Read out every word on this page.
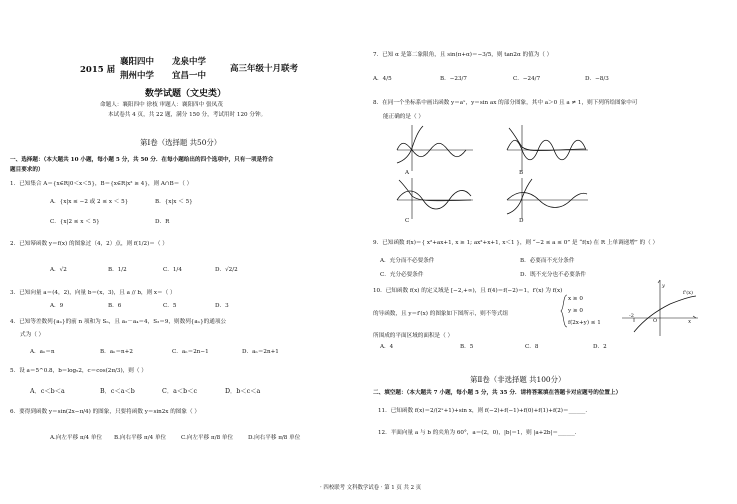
2015 届
襄阳四中 龙泉中学
荆州中学 宜昌一中
高三年级十月联考
数学试题（文史类）
命题人：襄阳四中 徐枝 审题人：襄阳四中 張凤茂
本试卷共 4 页，共 22 题，满分 150 分，考试用时 120 分钟。
第Ⅰ卷（选择题 共50分）
一、选择题：（本大题共 10 小题，每小题 5 分，共 50 分．在每小题给出的四个选项中，只有一项是符合
题目要求的）
1．已知集合 A＝{x∈R|0＜x＜5}，B＝{x∈R|x² ≥ 4}，则 A∩B＝（ ）
A．{x|x ≤ −2 或 2 ≤ x ＜ 5}	B．{x|x ＜ 5}
C．{x|2 ≤ x ＜ 5}	D．R
2．已知幂函数 y＝f(x) 的图象过（4，2）点，则 f(1/2)＝（ ）
A．√2	B．1/2	C．1/4	D．√2/2
3．已知向量 a＝(4，2)，向量 b＝(x，3)，且 a // b，则 x＝（ ）
A．9	B．6	C．5	D．3
4．已知等差数列{aₙ}的前 n 项和为 Sₙ，且 a₂－a₄＝4，S₃＝9，则数列{aₙ}的通项公
式为（ ）
A．aₙ＝n	B．aₙ＝n+2	C．aₙ＝2n−1	D．aₙ＝2n+1
5．设 a＝5^0.8，b＝log₅2，c＝cos(2π/3)，则（ ）
A．c＜b＜a	B．c＜a＜b	C．a＜b＜c	D．b＜c＜a
6．要得到函数 y＝sin(2x−π/4) 的图象，只要将函数 y＝sin2x 的图象（ ）
A.向左平移 π/4 单位 B.向右平移 π/4 单位	C.向左平移 π/8 单位	D.向右平移 π/8 单位
7．已知 α 是第二象限角，且 sin(π+α)＝−3/5，则 tan2α 的值为（ ）
A．4/5	B．−23/7	C．−24/7	D．−8/3
8．在同一个坐标系中画出函数 y＝aˣ，y＝sin ax 的部分图象，其中 a＞0 且 a ≠ 1，则下列所给图象中可
能正确的是（ ）
A	B
C	D
9．已知函数 f(x)＝{ x²+ax+1, x ≥ 1; ax²+x+1, x＜1 }，则 “−2 ≤ a ≤ 0” 是 “f(x) 在 R 上单调递增” 的（ ）
A．充分而不必要条件	B．必要而不充分条件
C．充分必要条件	D．既不充分也不必要条件
10．已知函数 f(x) 的定义域是 [−2,+∞)，且 f(4)＝f(−2)＝1，f′(x) 为 f(x)
的导函数，且 y＝f′(x) 的图象如下图所示，则不等式组
所围成的平面区域的面积是（ ）
x ≥ 0
y ≥ 0
f(2x+y) ≤ 1
A．4	B．5	C．8	D．2
f'(x)
y
x
O
-2
第Ⅱ卷（非选择题 共100分）
二、填空题：（本大题共 7 小题，每小题 5 分，共 35 分．请将答案填在答题卡对应题号的位置上）
11．已知函数 f(x)＝2/(2ˣ+1)+sin x，则 f(−2)+f(−1)+f(0)+f(1)+f(2)＝______．
12．平面向量 a 与 b 的夹角为 60°，a＝(2，0)，|b|＝1，则 |a+2b|＝______．
· 四校联考 文科数学试卷 · 第 1 页 共 2 页
